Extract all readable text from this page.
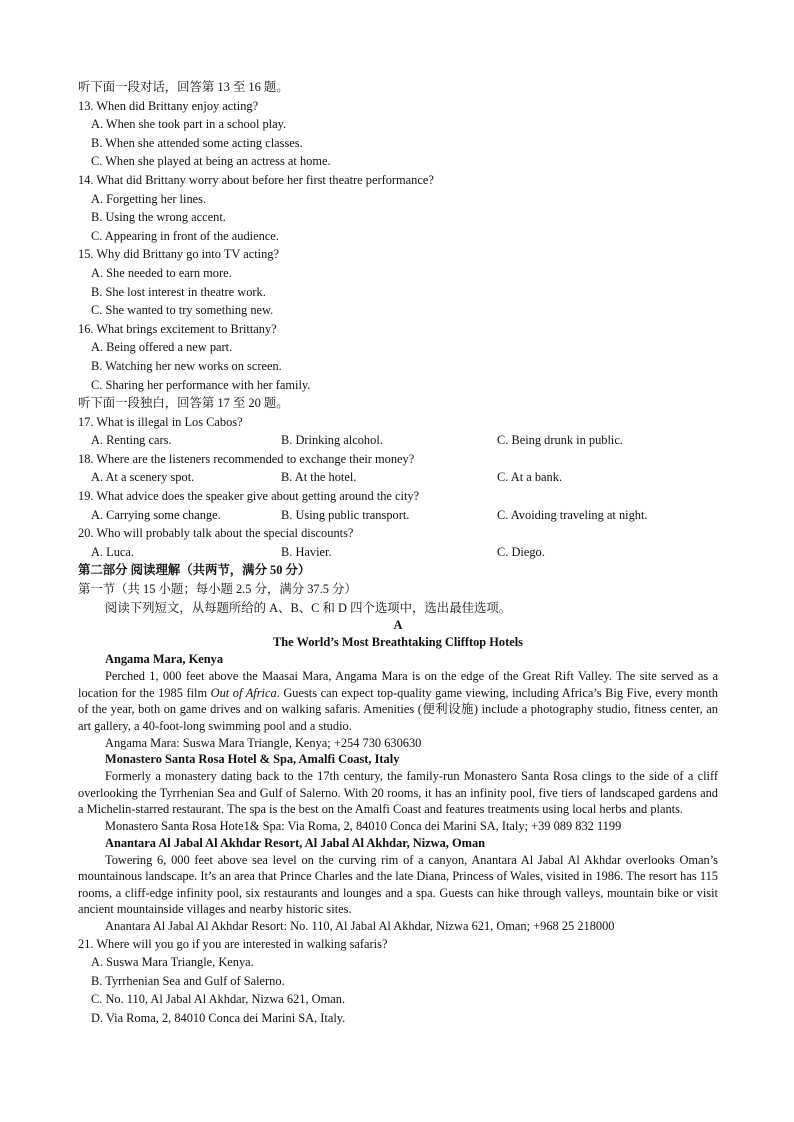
听下面一段对话，回答第 13 至 16 题。
13. When did Brittany enjoy acting?
A. When she took part in a school play.
B. When she attended some acting classes.
C. When she played at being an actress at home.
14. What did Brittany worry about before her first theatre performance?
A. Forgetting her lines.
B. Using the wrong accent.
C. Appearing in front of the audience.
15. Why did Brittany go into TV acting?
A. She needed to earn more.
B. She lost interest in theatre work.
C. She wanted to try something new.
16. What brings excitement to Brittany?
A. Being offered a new part.
B. Watching her new works on screen.
C. Sharing her performance with her family.
听下面一段独白，回答第 17 至 20 题。
17. What is illegal in Los Cabos?
A. Renting cars.	B. Drinking alcohol.	C. Being drunk in public.
18. Where are the listeners recommended to exchange their money?
A. At a scenery spot.	B. At the hotel.	C. At a bank.
19. What advice does the speaker give about getting around the city?
A. Carrying some change.	B. Using public transport.	C. Avoiding traveling at night.
20. Who will probably talk about the special discounts?
A. Luca.	B. Havier.	C. Diego.
第二部分 阅读理解（共两节，满分 50 分）
第一节（共 15 小题；每小题 2.5 分，满分 37.5 分）
阅读下列短文，从每题所给的 A、B、C 和 D 四个选项中，选出最佳选项。
A
The World’s Most Breathtaking Clifftop Hotels
Angama Mara, Kenya

Perched 1, 000 feet above the Maasai Mara, Angama Mara is on the edge of the Great Rift Valley. The site served as a location for the 1985 film Out of Africa. Guests can expect top-quality game viewing, including Africa’s Big Five, every month of the year, both on game drives and on walking safaris. Amenities (便利设施) include a photography studio, fitness center, an art gallery, a 40-foot-long swimming pool and a studio.

Angama Mara: Suswa Mara Triangle, Kenya; +254 730 630630
Monastero Santa Rosa Hotel & Spa, Amalfi Coast, Italy

Formerly a monastery dating back to the 17th century, the family-run Monastero Santa Rosa clings to the side of a cliff overlooking the Tyrrhenian Sea and Gulf of Salerno. With 20 rooms, it has an infinity pool, five tiers of landscaped gardens and a Michelin-starred restaurant. The spa is the best on the Amalfi Coast and features treatments using local herbs and plants.

Monastero Santa Rosa Hote1& Spa: Via Roma, 2, 84010 Conca dei Marini SA, Italy; +39 089 832 1199
Anantara Al Jabal Al Akhdar Resort, Al Jabal Al Akhdar, Nizwa, Oman

Towering 6, 000 feet above sea level on the curving rim of a canyon, Anantara Al Jabal Al Akhdar overlooks Oman’s mountainous landscape. It’s an area that Prince Charles and the late Diana, Princess of Wales, visited in 1986. The resort has 115 rooms, a cliff-edge infinity pool, six restaurants and lounges and a spa. Guests can hike through valleys, mountain bike or visit ancient mountainside villages and nearby historic sites.

Anantara Al Jabal Al Akhdar Resort: No. 110, Al Jabal Al Akhdar, Nizwa 621, Oman; +968 25 218000
21. Where will you go if you are interested in walking safaris?
A. Suswa Mara Triangle, Kenya.
B. Tyrrhenian Sea and Gulf of Salerno.
C. No. 110, Al Jabal Al Akhdar, Nizwa 621, Oman.
D. Via Roma, 2, 84010 Conca dei Marini SA, Italy.
